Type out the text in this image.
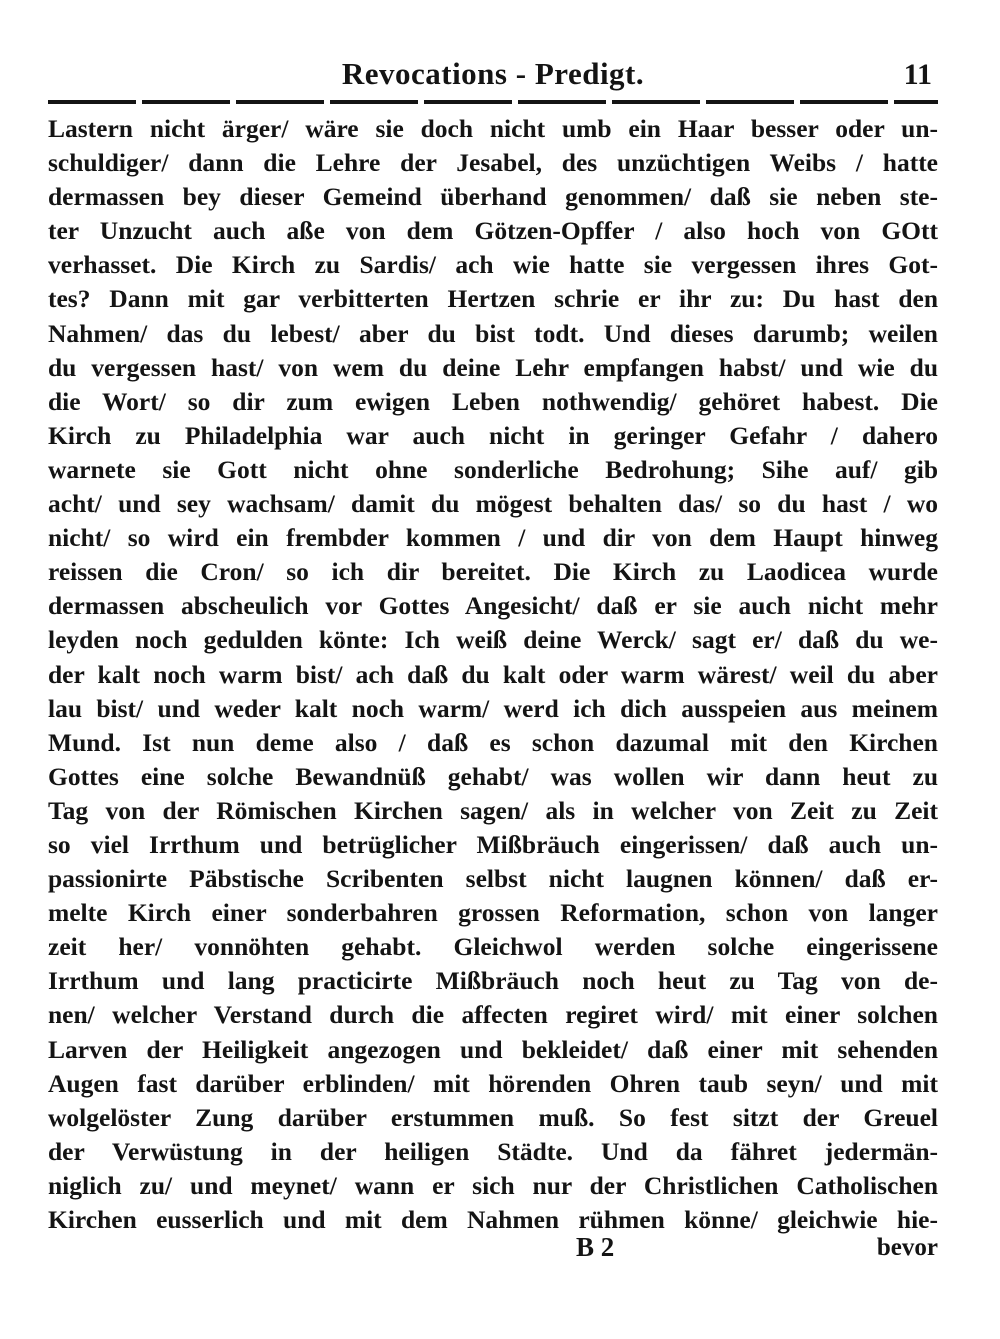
Revocations - Predigt.	11
Lastern nicht ärger/ wäre sie doch nicht umb ein Haar besser oder un-
schuldiger/ dann die Lehre der Jesabel, des unzüchtigen Weibs / hatte
dermassen bey dieser Gemeind überhand genommen/ daß sie neben ste-
ter Unzucht auch aße von dem Götzen-Opffer / also hoch von GOtt
verhasset. Die Kirch zu Sardis/ ach wie hatte sie vergessen ihres Got-
tes? Dann mit gar verbitterten Hertzen schrie er ihr zu: Du hast den
Nahmen/ das du lebest/ aber du bist todt. Und dieses darumb; weilen
du vergessen hast/ von wem du deine Lehr empfangen habst/ und wie du
die Wort/ so dir zum ewigen Leben nothwendig/ gehöret habest. Die
Kirch zu Philadelphia war auch nicht in geringer Gefahr / dahero
warnete sie Gott nicht ohne sonderliche Bedrohung; Sihe auf/ gib
acht/ und sey wachsam/ damit du mögest behalten das/ so du hast / wo
nicht/ so wird ein frembder kommen / und dir von dem Haupt hinweg
reissen die Cron/ so ich dir bereitet. Die Kirch zu Laodicea wurde
dermassen abscheulich vor Gottes Angesicht/ daß er sie auch nicht mehr
leyden noch gedulden könte: Ich weiß deine Werck/ sagt er/ daß du we-
der kalt noch warm bist/ ach daß du kalt oder warm wärest/ weil du aber
lau bist/ und weder kalt noch warm/ werd ich dich ausspeien aus meinem
Mund. Ist nun deme also / daß es schon dazumal mit den Kirchen
Gottes eine solche Bewandnüß gehabt/ was wollen wir dann heut zu
Tag von der Römischen Kirchen sagen/ als in welcher von Zeit zu Zeit
so viel Irrthum und betrüglicher Mißbräuch eingerissen/ daß auch un-
passionirte Päbstische Scribenten selbst nicht laugnen können/ daß er-
melte Kirch einer sonderbahren grossen Reformation, schon von langer
zeit her/ vonnöhten gehabt. Gleichwol werden solche eingerissene
Irrthum und lang practicirte Mißbräuch noch heut zu Tag von de-
nen/ welcher Verstand durch die affecten regiret wird/ mit einer solchen
Larven der Heiligkeit angezogen und bekleidet/ daß einer mit sehenden
Augen fast darüber erblinden/ mit hörenden Ohren taub seyn/ und mit
wolgelöster Zung darüber erstummen muß. So fest sitzt der Greuel
der Verwüstung in der heiligen Städte. Und da fähret jedermän-
niglich zu/ und meynet/ wann er sich nur der Christlichen Catholischen
Kirchen eusserlich und mit dem Nahmen rühmen könne/ gleichwie hie-
B 2	bevor
